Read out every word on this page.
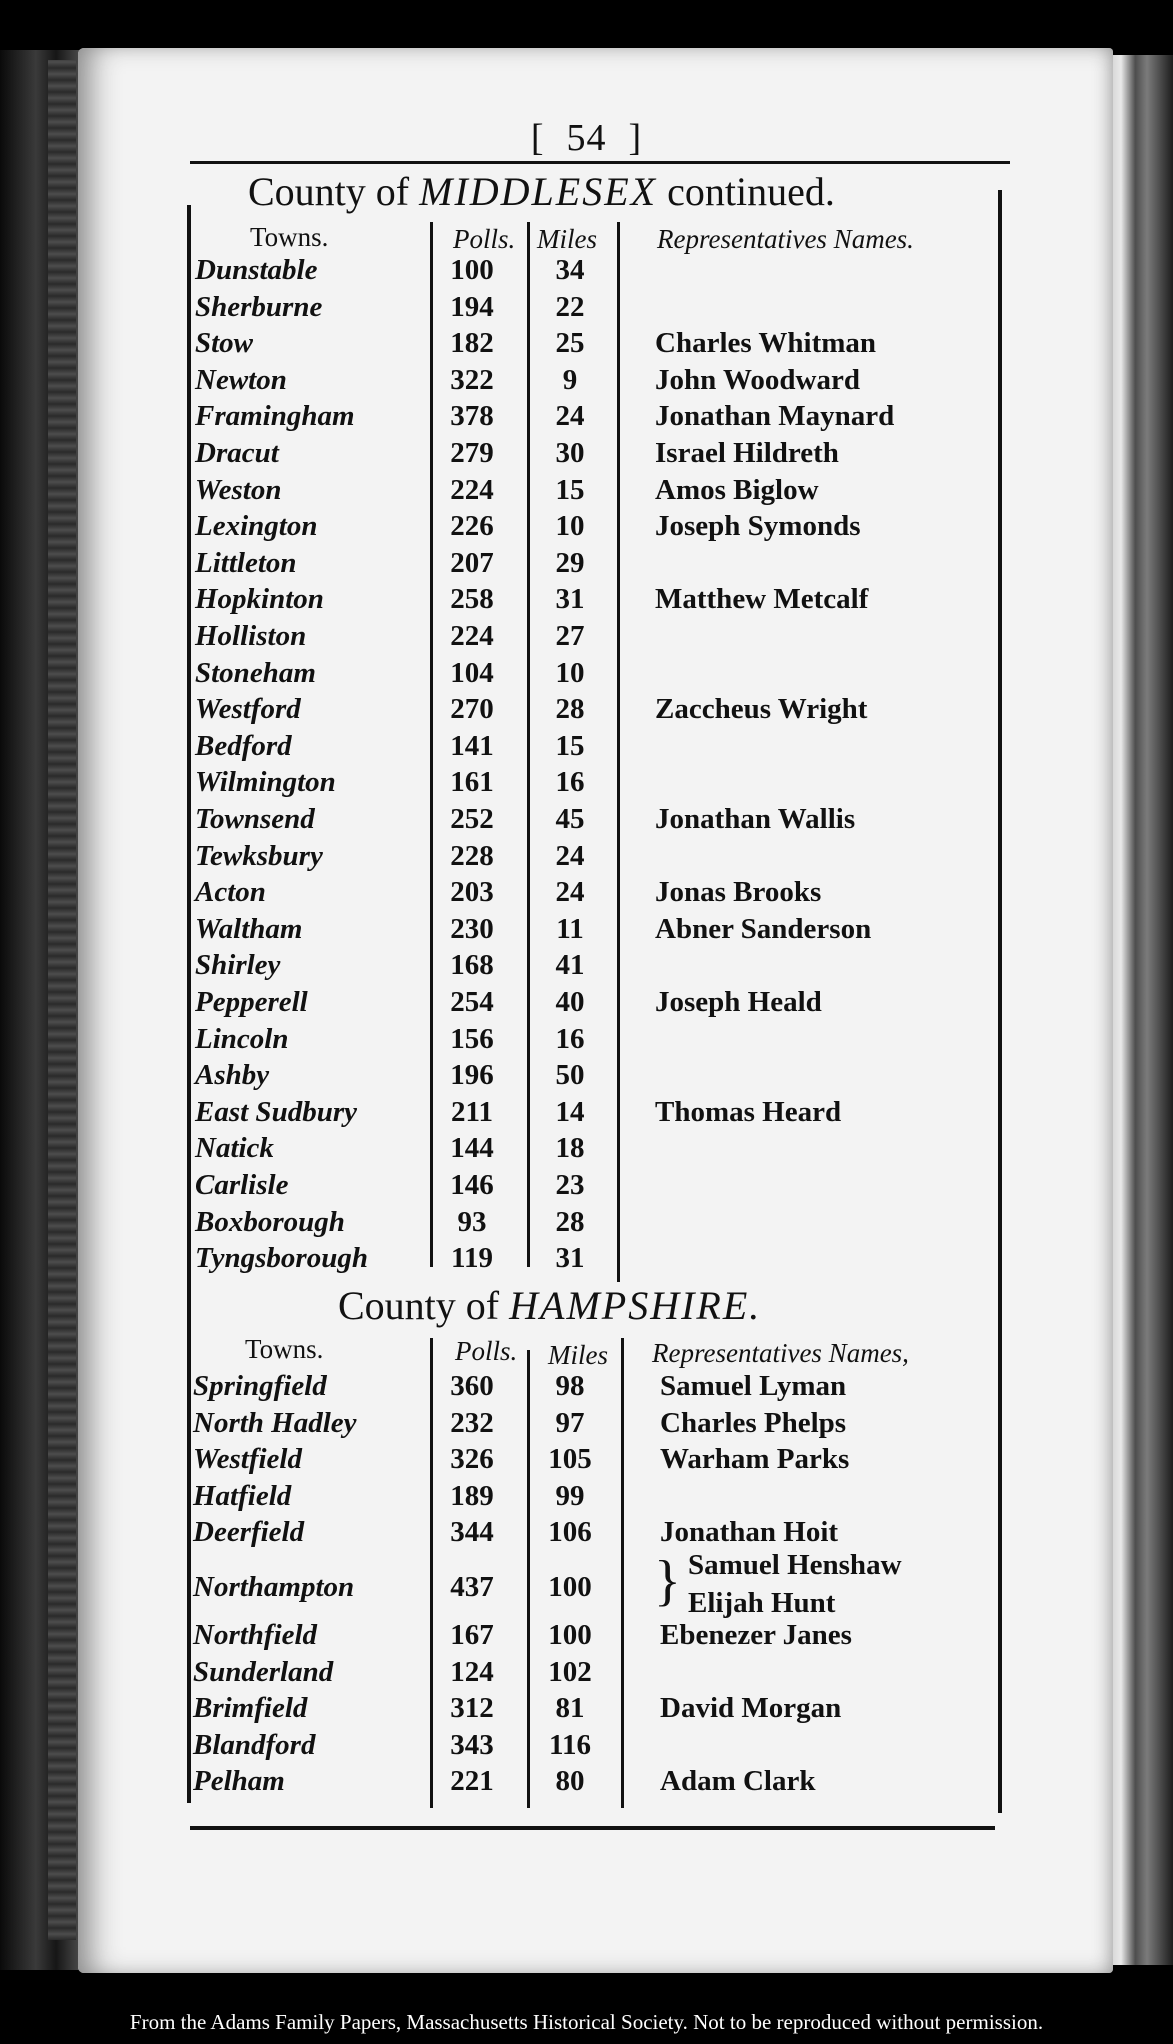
[ 54 ]
County of MIDDLESEX continued.
Towns.	Polls. Miles Representatives Names.
Dunstable	100	34
Sherburne	194	22
Stow	182	25	Charles Whitman
Newton	322	9	John Woodward
Framingham	378	24	Jonathan Maynard
Dracut	279	30	Israel Hildreth
Weston	224	15	Amos Biglow
Lexington	226	10	Joseph Symonds
Littleton	207	29
Hopkinton	258	31	Matthew Metcalf
Holliston	224	27
Stoneham	104	10
Westford	270	28	Zaccheus Wright
Bedford	141	15
Wilmington	161	16
Townsend	252	45	Jonathan Wallis
Tewksbury	228	24
Acton	203	24	Jonas Brooks
Waltham	230	11	Abner Sanderson
Shirley	168	41
Pepperell	254	40	Joseph Heald
Lincoln	156	16
Ashby	196	50
East Sudbury	211	14	Thomas Heard
Natick	144	18
Carlisle	146	23
Boxborough	93	28
Tyngsborough	119	31
County of HAMPSHIRE.
Towns.	Polls. Miles Representatives Names,
Springfield	360	98	Samuel Lyman
North Hadley	232	97	Charles Phelps
Westfield	326	105	Warham Parks
Hatfield	189	99
Deerfield	344	106	Jonathan Hoit
Northampton	437	100	} Samuel Henshaw
Elijah Hunt
Northfield	167	100	Ebenezer Janes
Sunderland	124	102
Brimfield	312	81	David Morgan
Blandford	343	116
Pelham	221	80	Adam Clark
From the Adams Family Papers, Massachusetts Historical Society. Not to be reproduced without permission.
